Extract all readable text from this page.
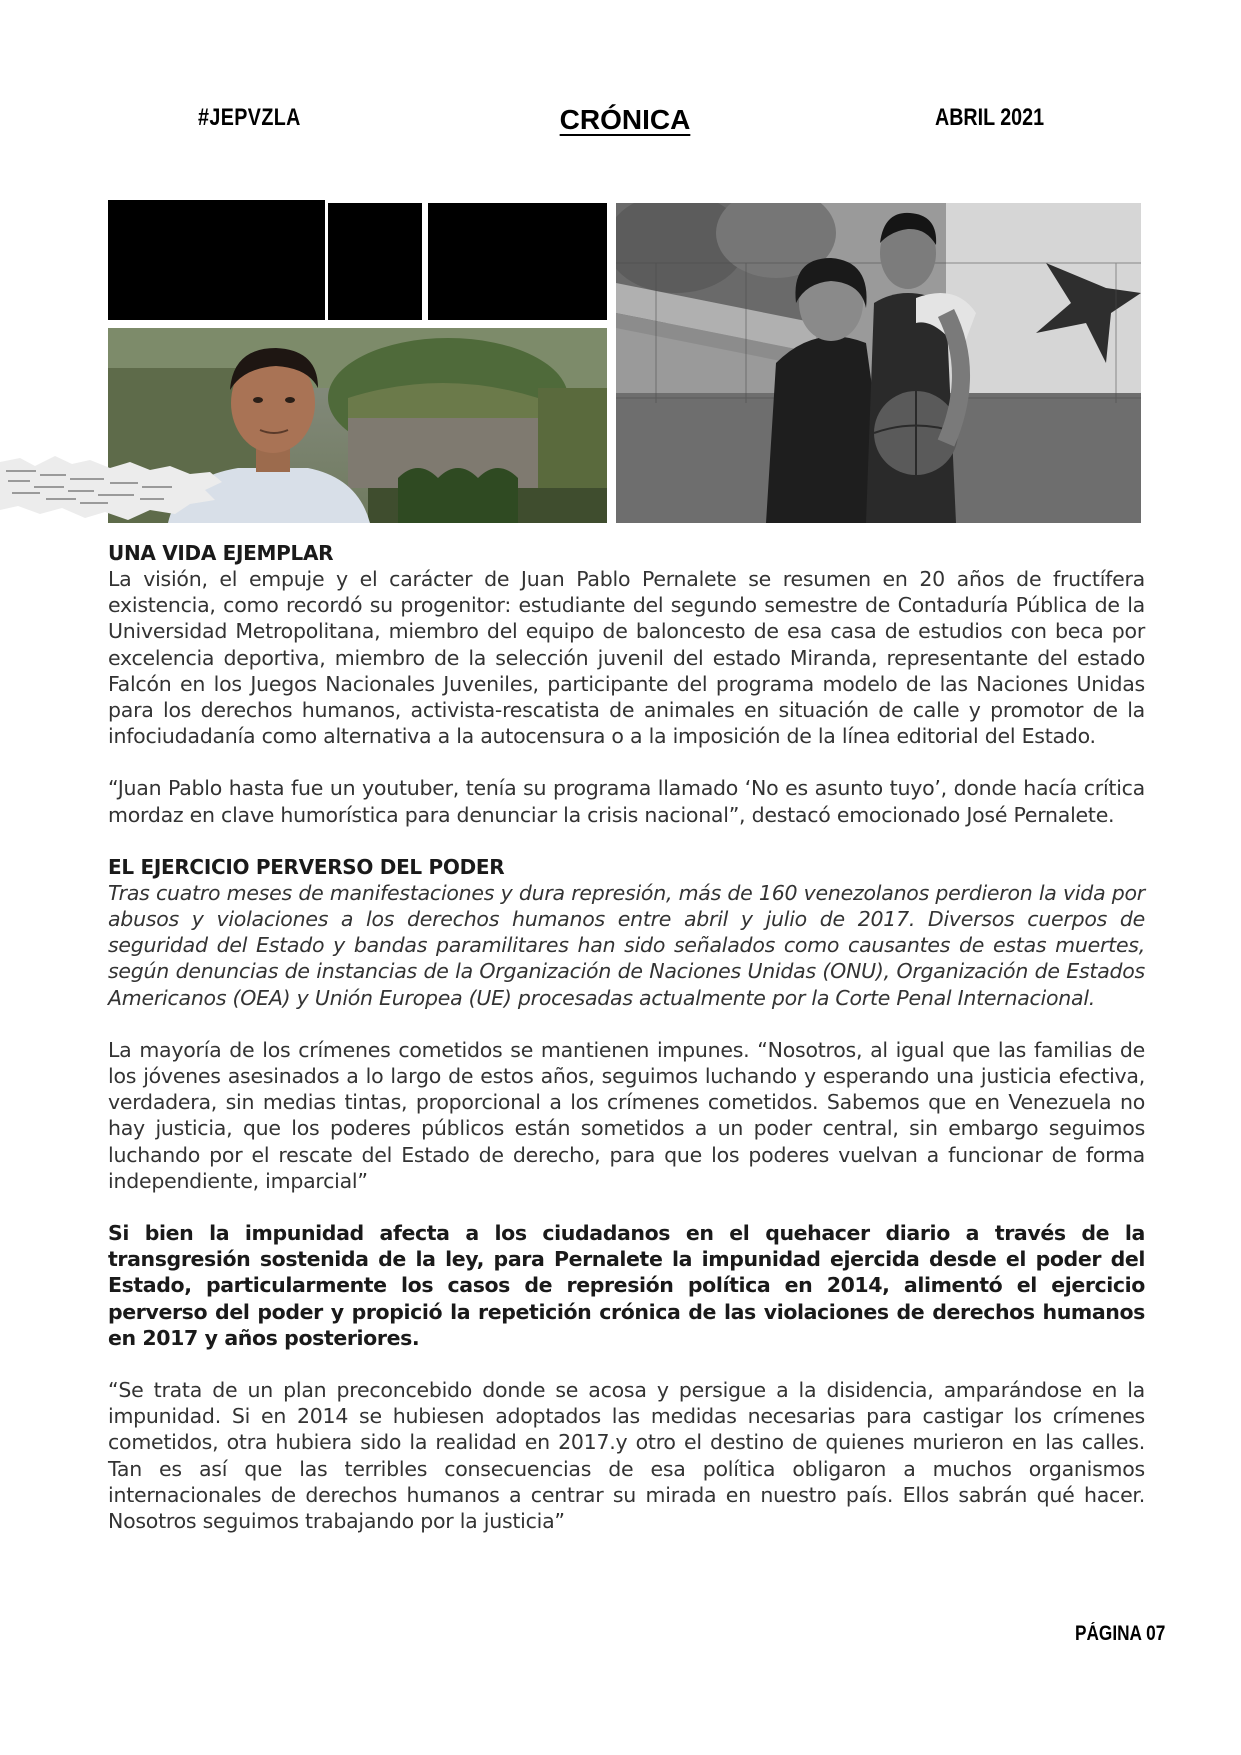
#JEPVZLA	CRÓNICA	ABRIL 2021
UNA VIDA EJEMPLAR
La visión, el empuje y el carácter de Juan Pablo Pernalete se resumen en 20 años de fructífera existencia, como recordó su progenitor: estudiante del segundo semestre de Contaduría Pública de la Universidad Metropolitana, miembro del equipo de baloncesto de esa casa de estudios con beca por excelencia deportiva, miembro de la selección juvenil del estado Miranda, representante del estado Falcón en los Juegos Nacionales Juveniles, participante del programa modelo de las Naciones Unidas para los derechos humanos, activista-rescatista de animales en situación de calle y promotor de la infociudadanía como alternativa a la autocensura o a la imposición de la línea editorial del Estado.
“Juan Pablo hasta fue un youtuber, tenía su programa llamado ‘No es asunto tuyo’, donde hacía crítica mordaz en clave humorística para denunciar la crisis nacional”, destacó emocionado José Pernalete.
EL EJERCICIO PERVERSO DEL PODER
Tras cuatro meses de manifestaciones y dura represión, más de 160 venezolanos perdieron la vida por abusos y violaciones a los derechos humanos entre abril y julio de 2017. Diversos cuerpos de seguridad del Estado y bandas paramilitares han sido señalados como causantes de estas muertes, según denuncias de instancias de la Organización de Naciones Unidas (ONU), Organización de Estados Americanos (OEA) y Unión Europea (UE) procesadas actualmente por la Corte Penal Internacional.
La mayoría de los crímenes cometidos se mantienen impunes. “Nosotros, al igual que las familias de los jóvenes asesinados a lo largo de estos años, seguimos luchando y esperando una justicia efectiva, verdadera, sin medias tintas, proporcional a los crímenes cometidos. Sabemos que en Venezuela no hay justicia, que los poderes públicos están sometidos a un poder central, sin embargo seguimos luchando por el rescate del Estado de derecho, para que los poderes vuelvan a funcionar de forma independiente, imparcial”
Si bien la impunidad afecta a los ciudadanos en el quehacer diario a través de la transgresión sostenida de la ley, para Pernalete la impunidad ejercida desde el poder del Estado, particularmente los casos de represión política en 2014, alimentó el ejercicio perverso del poder y propició la repetición crónica de las violaciones de derechos humanos en 2017 y años posteriores.
“Se trata de un plan preconcebido donde se acosa y persigue a la disidencia, amparándose en la impunidad. Si en 2014 se hubiesen adoptados las medidas necesarias para castigar los crímenes cometidos, otra hubiera sido la realidad en 2017.y otro el destino de quienes murieron en las calles. Tan es así que las terribles consecuencias de esa política obligaron a muchos organismos internacionales de derechos humanos a centrar su mirada en nuestro país. Ellos sabrán qué hacer. Nosotros seguimos trabajando por la justicia”
PÁGINA 07
